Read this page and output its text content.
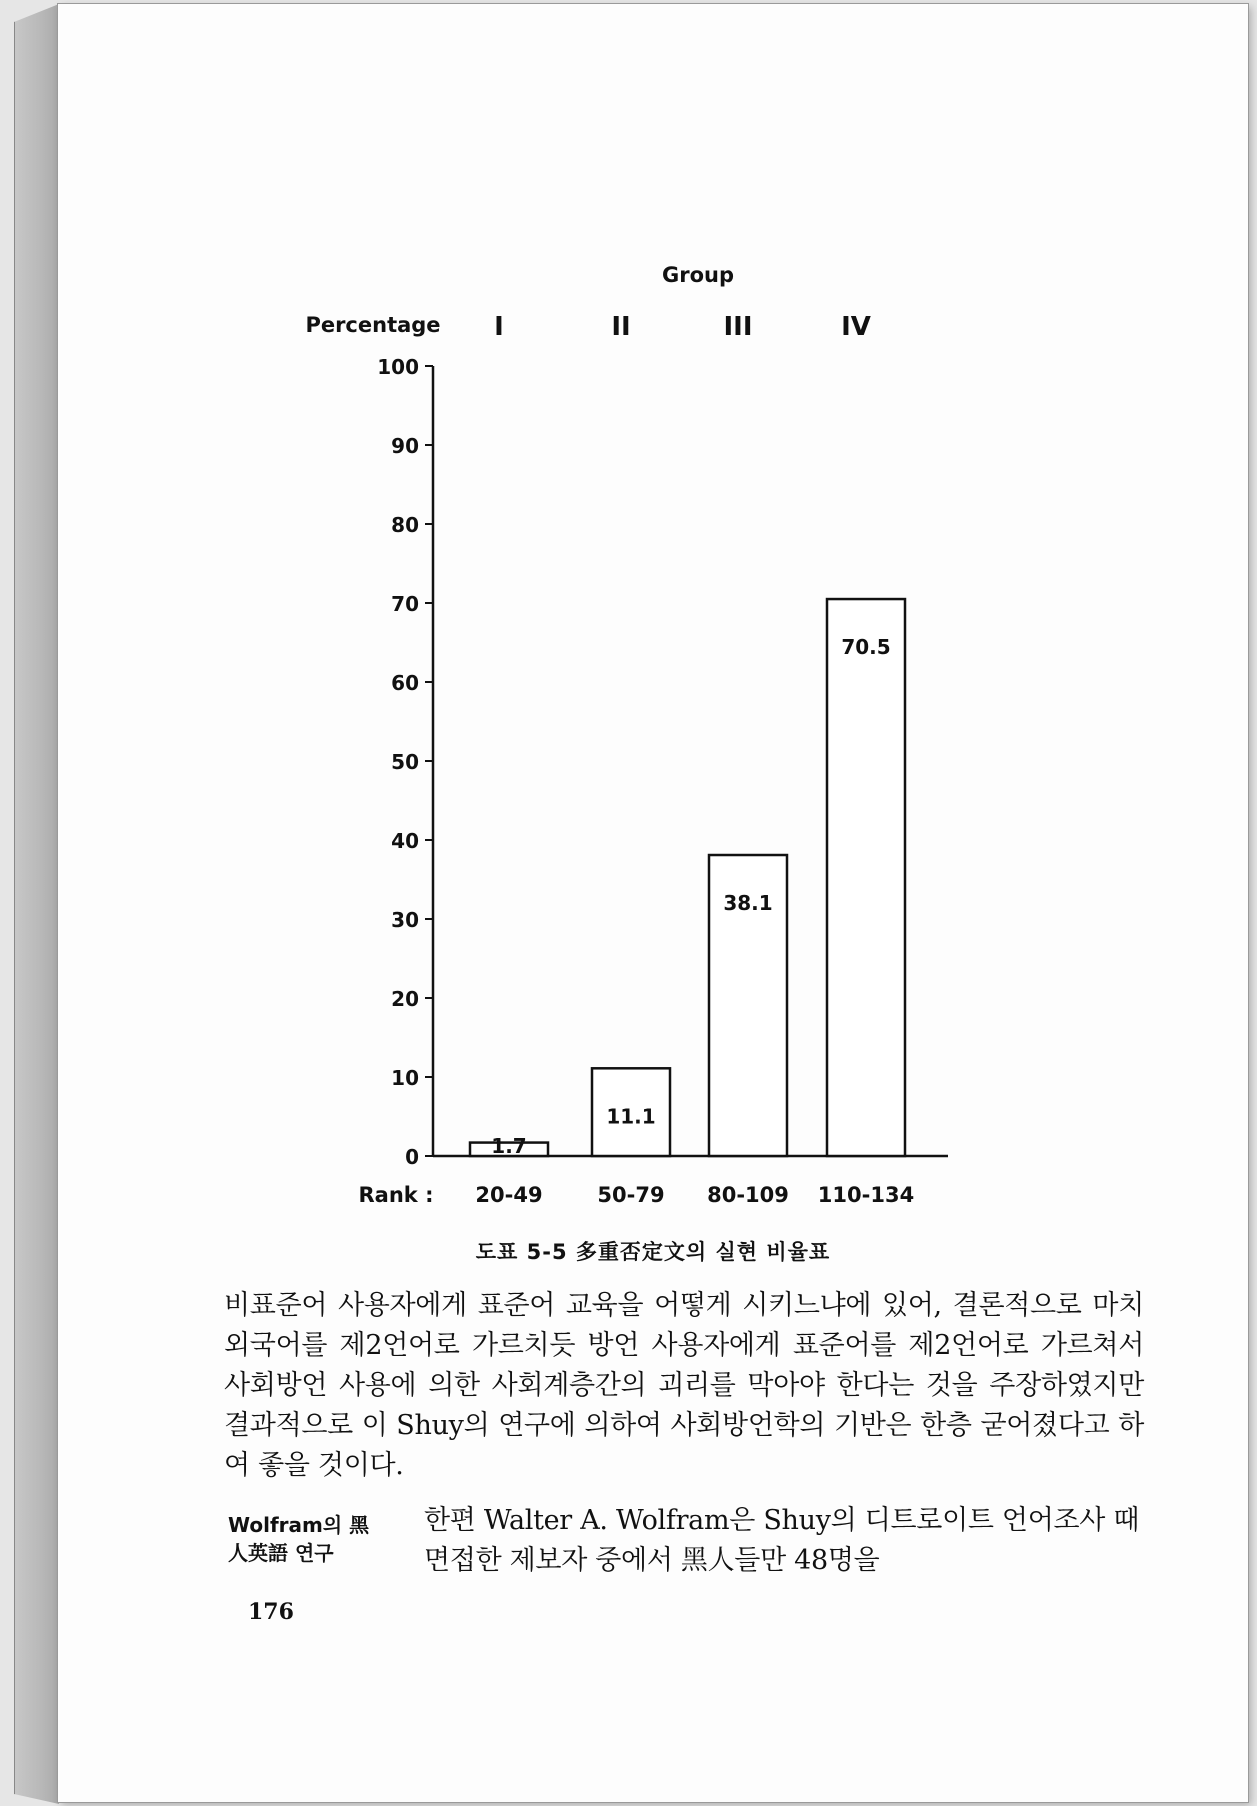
Group
Percentage
Rank :
0
10
20
30
40
50
60
70
80
90
100
I	II	III	IV
1.7
11.1
38.1
70.5
20-49	50-79 80-109 110-134
도표 5-5 多重否定文의 실현 비율표

비표준어 사용자에게 표준어 교육을 어떻게 시키느냐에 있어, 결론적으로 마치 외국어를 제2언어로 가르치듯 방언 사용자에게 표준어를 제2언어로 가르쳐서 사회방언 사용에 의한 사회계층간의 괴리를 막아야 한다는 것을 주장하였지만 결과적으로 이 Shuy의 연구에 의하여 사회방언학의 기반은 한층 굳어졌다고 하여 좋을 것이다.

Wolfram의 黑
人英語 연구

한편 Walter A. Wolfram은 Shuy의 디트로이트 언어조사 때 면접한 제보자 중에서 黑人들만 48명을

176
